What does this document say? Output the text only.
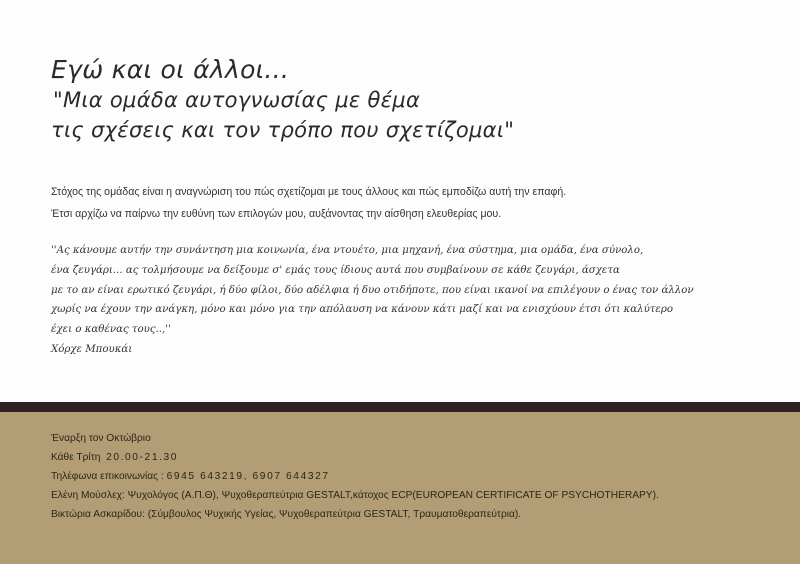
Εγώ και οι άλλοι...

"Μια ομάδα αυτογνωσίας με θέμα

τις σχέσεις και τον τρόπο που σχετίζομαι"

Στόχος της ομάδας είναι η αναγνώριση του πώς σχετίζομαι με τους άλλους και πώς εμποδίζω αυτή την επαφή.

Έτσι αρχίζω να παίρνω την ευθύνη των επιλογών μου, αυξάνοντας την αίσθηση ελευθερίας μου.

''Ας κάνουμε αυτήν την συνάντηση μια κοινωνία, ένα ντουέτο, μια μηχανή, ένα σύστημα, μια ομάδα, ένα σύνολο,

ένα ζευγάρι... ας τολμήσουμε να δείξουμε σ' εμάς τους ίδιους αυτά που συμβαίνουν σε κάθε ζευγάρι, άσχετα

με το αν είναι ερωτικό ζευγάρι, ή δύο φίλοι, δύο αδέλφια ή δυο οτιδήποτε, που είναι ικανοί να επιλέγουν ο ένας τον άλλον

χωρίς να έχουν την ανάγκη, μόνο και μόνο για την απόλαυση να κάνουν κάτι μαζί και να ενισχύουν έτσι ότι καλύτερο

έχει ο καθένας τους..,''

Χόρχε Μπουκάι

Έναρξη τον Οκτώβριο

Κάθε Τρίτη 20.00-21.30

Τηλέφωνα επικοινωνίας : 6945 643219, 6907 644327

Ελένη Μούσλεχ: Ψυχολόγος (Α.Π.Θ), Ψυχοθεραπεύτρια GESTALT,κάτοχος ECP(EUROPEAN CERTIFICATE OF PSYCHOTHERAPY).

Βικτώρια Ασκαρίδου: (Σύμβουλος Ψυχικής Υγείας, Ψυχοθεραπεύτρια GESTALT, Τραυματοθεραπεύτρια).
